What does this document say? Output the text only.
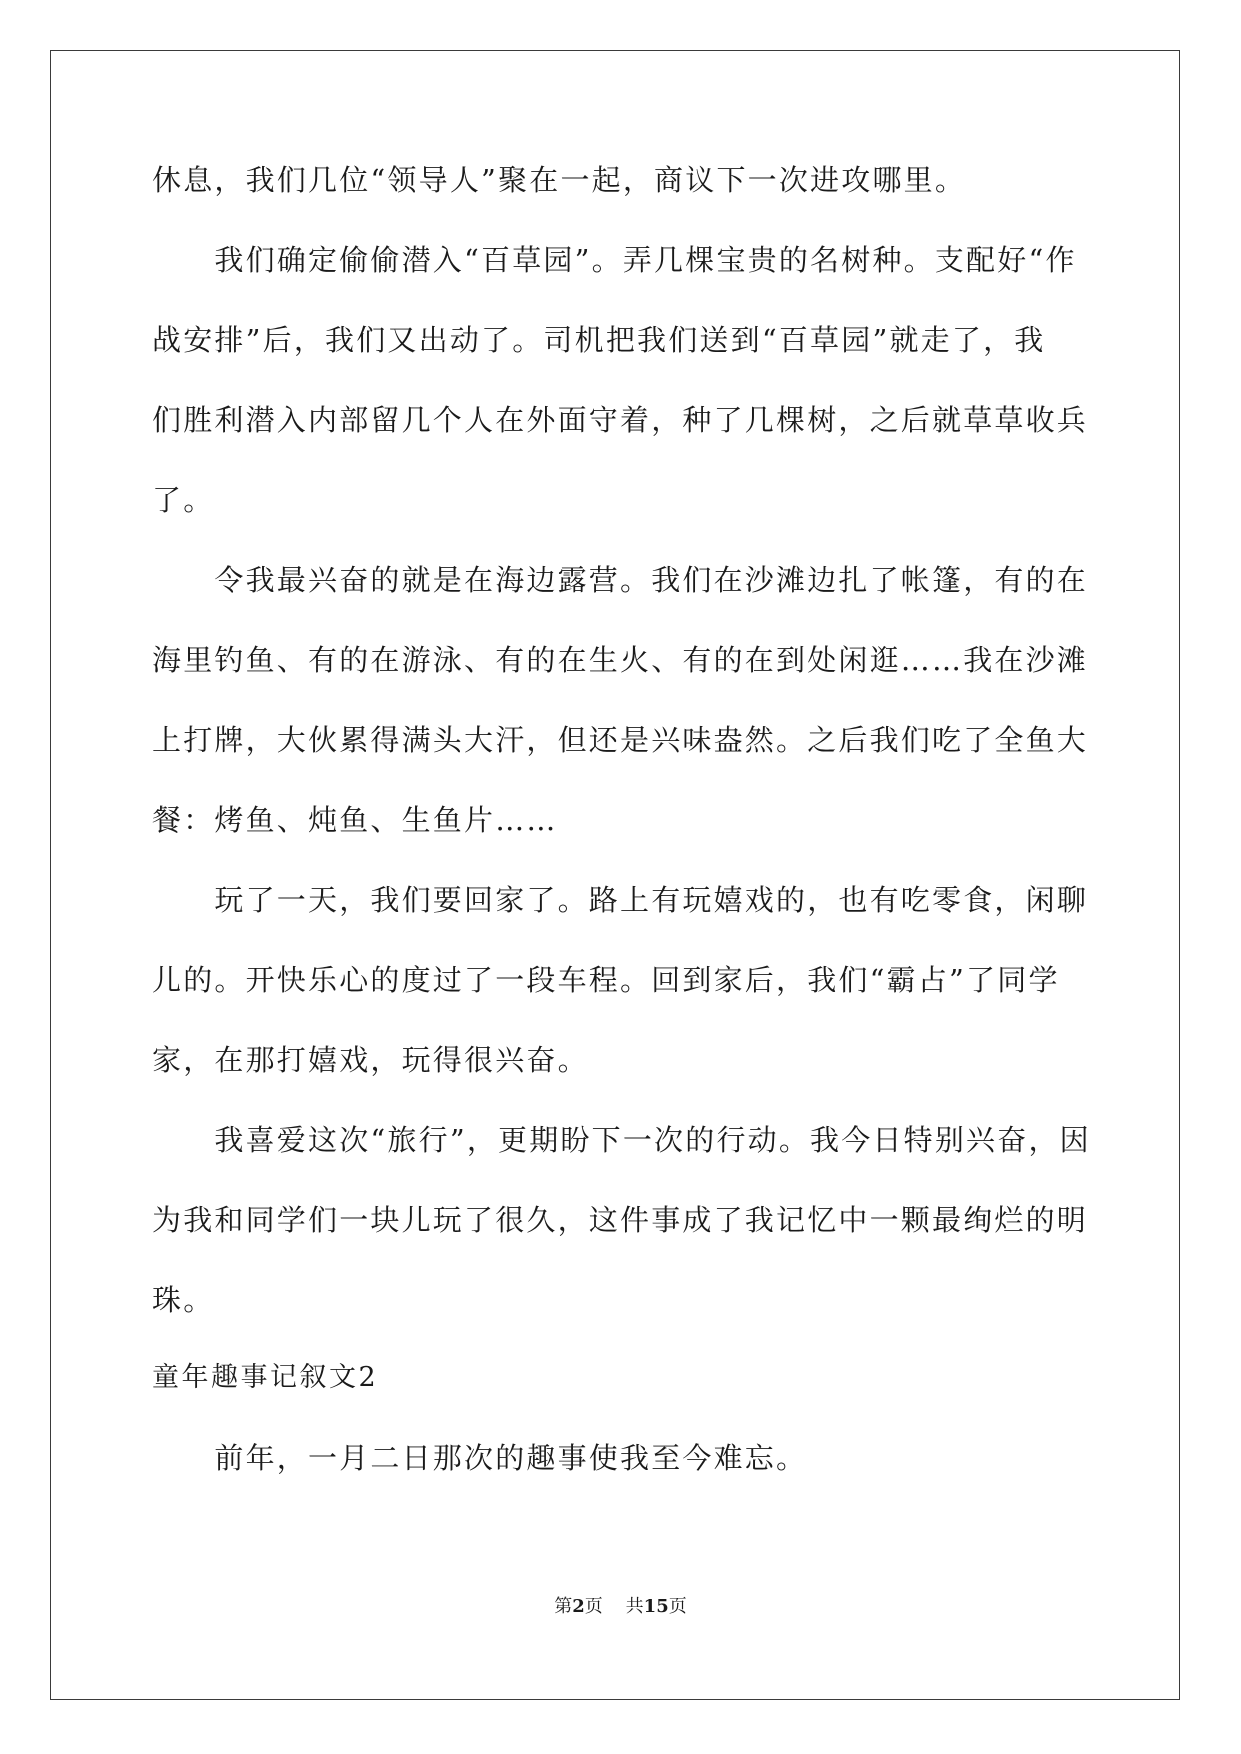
休息，我们几位“领导人”聚在一起，商议下一次进攻哪里。
　　我们确定偷偷潜入“百草园”。弄几棵宝贵的名树种。支配好“作
战安排”后，我们又出动了。司机把我们送到“百草园”就走了，我
们胜利潜入内部留几个人在外面守着，种了几棵树，之后就草草收兵
了。
　　令我最兴奋的就是在海边露营。我们在沙滩边扎了帐篷，有的在
海里钓鱼、有的在游泳、有的在生火、有的在到处闲逛……我在沙滩
上打牌，大伙累得满头大汗，但还是兴味盎然。之后我们吃了全鱼大
餐：烤鱼、炖鱼、生鱼片……
　　玩了一天，我们要回家了。路上有玩嬉戏的，也有吃零食，闲聊
儿的。开快乐心的度过了一段车程。回到家后，我们“霸占”了同学
家，在那打嬉戏，玩得很兴奋。
　　我喜爱这次“旅行”，更期盼下一次的行动。我今日特别兴奋，因
为我和同学们一块儿玩了很久，这件事成了我记忆中一颗最绚烂的明
珠。
童年趣事记叙文2
　　前年，一月二日那次的趣事使我至今难忘。
第2页 共15页
